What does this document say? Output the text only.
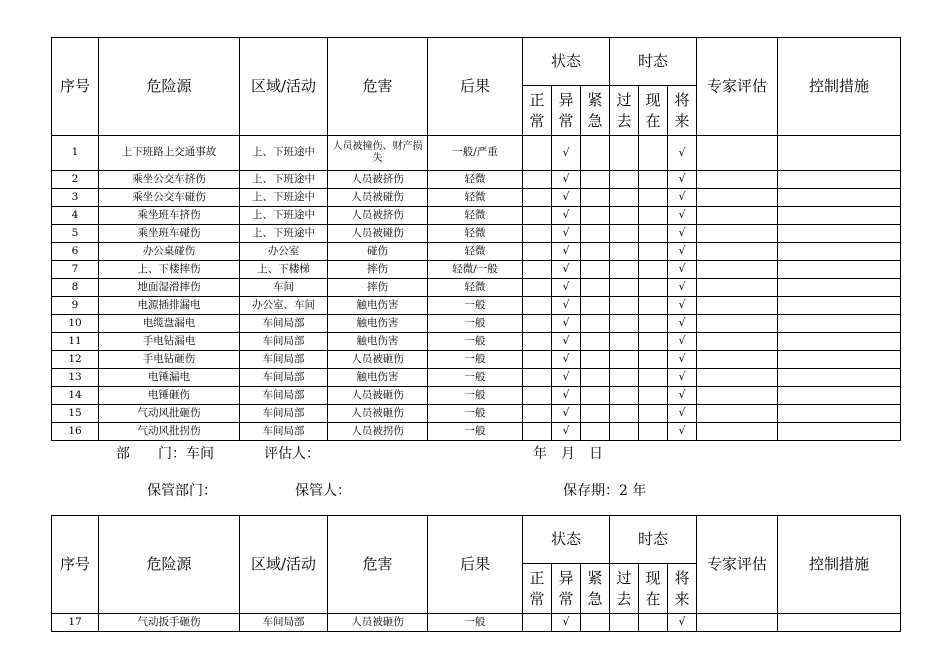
序号	危险源	区域/活动	危害	后果	状态			时态			专家评估	控制措施
					正常	异常	紧急	过去	现在	将来		
1	上下班路上交通事故	上、下班途中	人员被撞伤、财产损失	一般/严重		√				√		
2	乘坐公交车挤伤	上、下班途中	人员被挤伤	轻微		√				√		
3	乘坐公交车碰伤	上、下班途中	人员被碰伤	轻微		√				√		
4	乘坐班车挤伤	上、下班途中	人员被挤伤	轻微		√				√		
5	乘坐班车碰伤	上、下班途中	人员被碰伤	轻微		√				√		
6	办公桌碰伤	办公室	碰伤	轻微		√				√		
7	上、下楼摔伤	上、下楼梯	摔伤	轻微/一般		√				√		
8	地面湿滑摔伤	车间	摔伤	轻微		√				√		
9	电源插排漏电	办公室、车间	触电伤害	一般		√				√		
10	电缆盘漏电	车间局部	触电伤害	一般		√				√		
11	手电钻漏电	车间局部	触电伤害	一般		√				√		
12	手电钻砸伤	车间局部	人员被砸伤	一般		√				√		
13	电锤漏电	车间局部	触电伤害	一般		√				√		
14	电锤砸伤	车间局部	人员被砸伤	一般		√				√		
15	气动风批砸伤	车间局部	人员被砸伤	一般		√				√		
16	气动风批拐伤	车间局部	人员被拐伤	一般		√				√		
部　　门：车间	评估人：	年　月　日
保管部门：	保管人：	保存期：2 年
序号	危险源	区域/活动	危害	后果	状态			时态			专家评估	控制措施
					正常	异常	紧急	过去	现在	将来		
17	气动扳手砸伤	车间局部	人员被砸伤	一般		√				√		
